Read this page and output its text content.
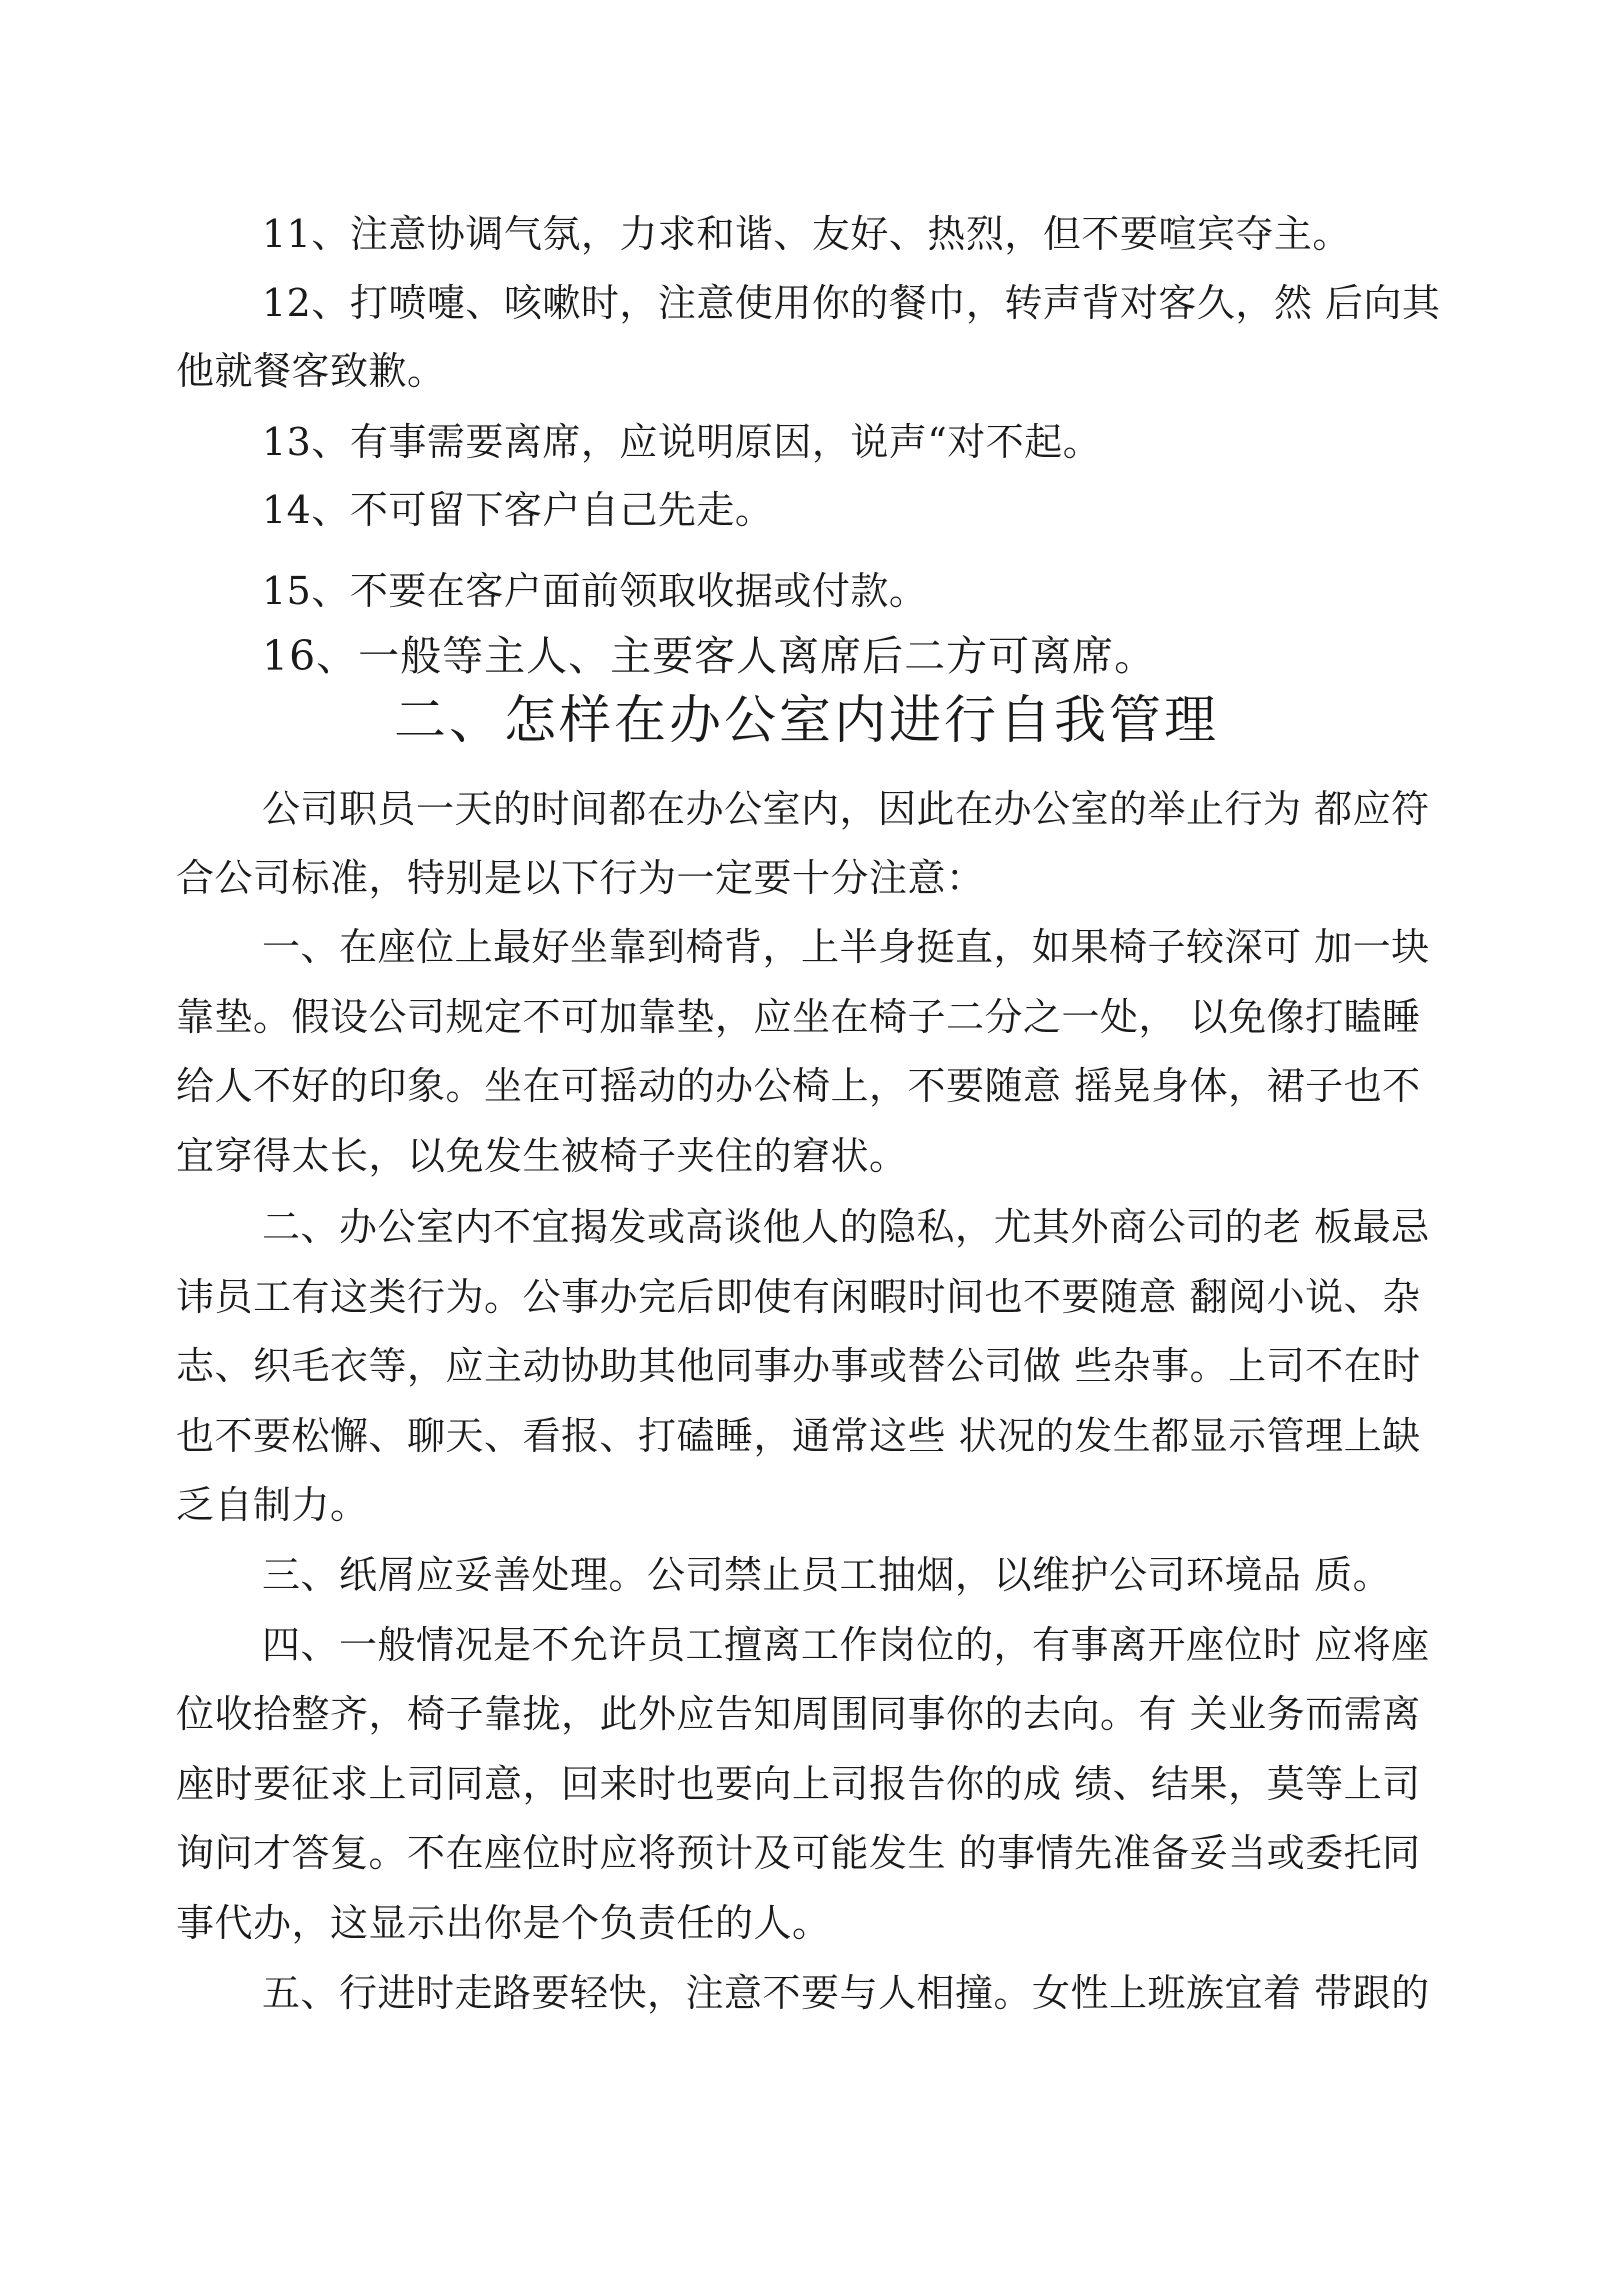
11、注意协调气氛，力求和谐、友好、热烈，但不要喧宾夺主。
12、打喷嚏、咳嗽时，注意使用你的餐巾，转声背对客久，然 后向其
他就餐客致歉。
13、有事需要离席，应说明原因，说声“对不起。
14、不可留下客户自己先走。
15、不要在客户面前领取收据或付款。
16、一般等主人、主要客人离席后二方可离席。
二、怎样在办公室内进行自我管理
公司职员一天的时间都在办公室内，因此在办公室的举止行为 都应符
合公司标准，特别是以下行为一定要十分注意：
一、在座位上最好坐靠到椅背，上半身挺直，如果椅子较深可 加一块
靠垫。假设公司规定不可加靠垫，应坐在椅子二分之一处， 以免像打瞌睡
给人不好的印象。坐在可摇动的办公椅上，不要随意 摇晃身体，裙子也不
宜穿得太长，以免发生被椅子夹住的窘状。
二、办公室内不宜揭发或高谈他人的隐私，尤其外商公司的老 板最忌
讳员工有这类行为。公事办完后即使有闲暇时间也不要随意 翻阅小说、杂
志、织毛衣等，应主动协助其他同事办事或替公司做 些杂事。上司不在时
也不要松懈、聊天、看报、打磕睡，通常这些 状况的发生都显示管理上缺
乏自制力。
三、纸屑应妥善处理。公司禁止员工抽烟，以维护公司环境品 质。
四、一般情况是不允许员工擅离工作岗位的，有事离开座位时 应将座
位收拾整齐，椅子靠拢，此外应告知周围同事你的去向。有 关业务而需离
座时要征求上司同意，回来时也要向上司报告你的成 绩、结果，莫等上司
询问才答复。不在座位时应将预计及可能发生 的事情先准备妥当或委托同
事代办，这显示出你是个负责任的人。
五、行进时走路要轻快，注意不要与人相撞。女性上班族宜着 带跟的
